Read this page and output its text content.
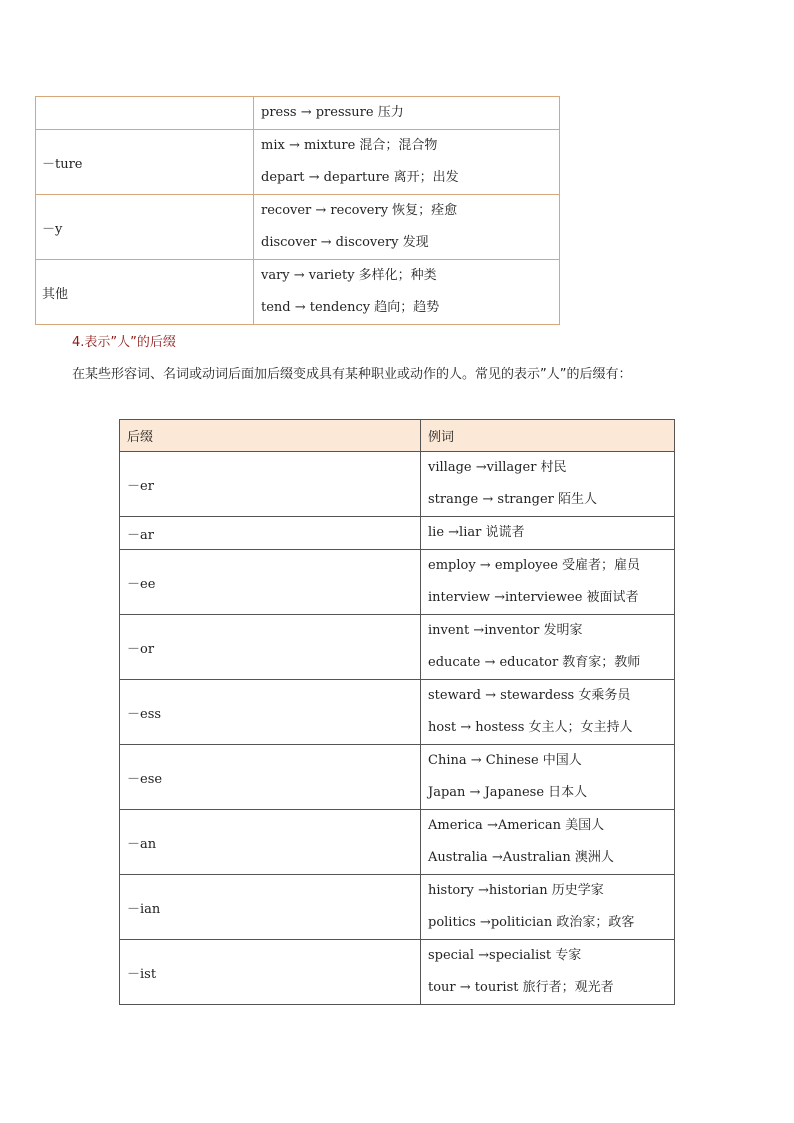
	press → pressure 压力

－ture	mix → mixture 混合；混合物
depart → departure 离开；出发

－y	recover → recovery 恢复；痊愈
discover → discovery 发现

其他	vary → variety 多样化；种类
tend → tendency 趋向；趋势
4.表示”人”的后缀
在某些形容词、名词或动词后面加后缀变成具有某种职业或动作的人。常见的表示”人”的后缀有：
后缀	例词
－er	village →villager 村民
strange → stranger 陌生人

－ar	lie →liar 说谎者

－ee	employ → employee 受雇者；雇员
interview →interviewee 被面试者

－or	invent →inventor 发明家
educate → educator 教育家；教师

－ess	steward → stewardess 女乘务员
host → hostess 女主人；女主持人

－ese	China → Chinese 中国人
Japan → Japanese 日本人

－an	America →American 美国人
Australia →Australian 澳洲人

－ian	history →historian 历史学家
politics →politician 政治家；政客

－ist	special →specialist 专家
tour → tourist 旅行者；观光者
